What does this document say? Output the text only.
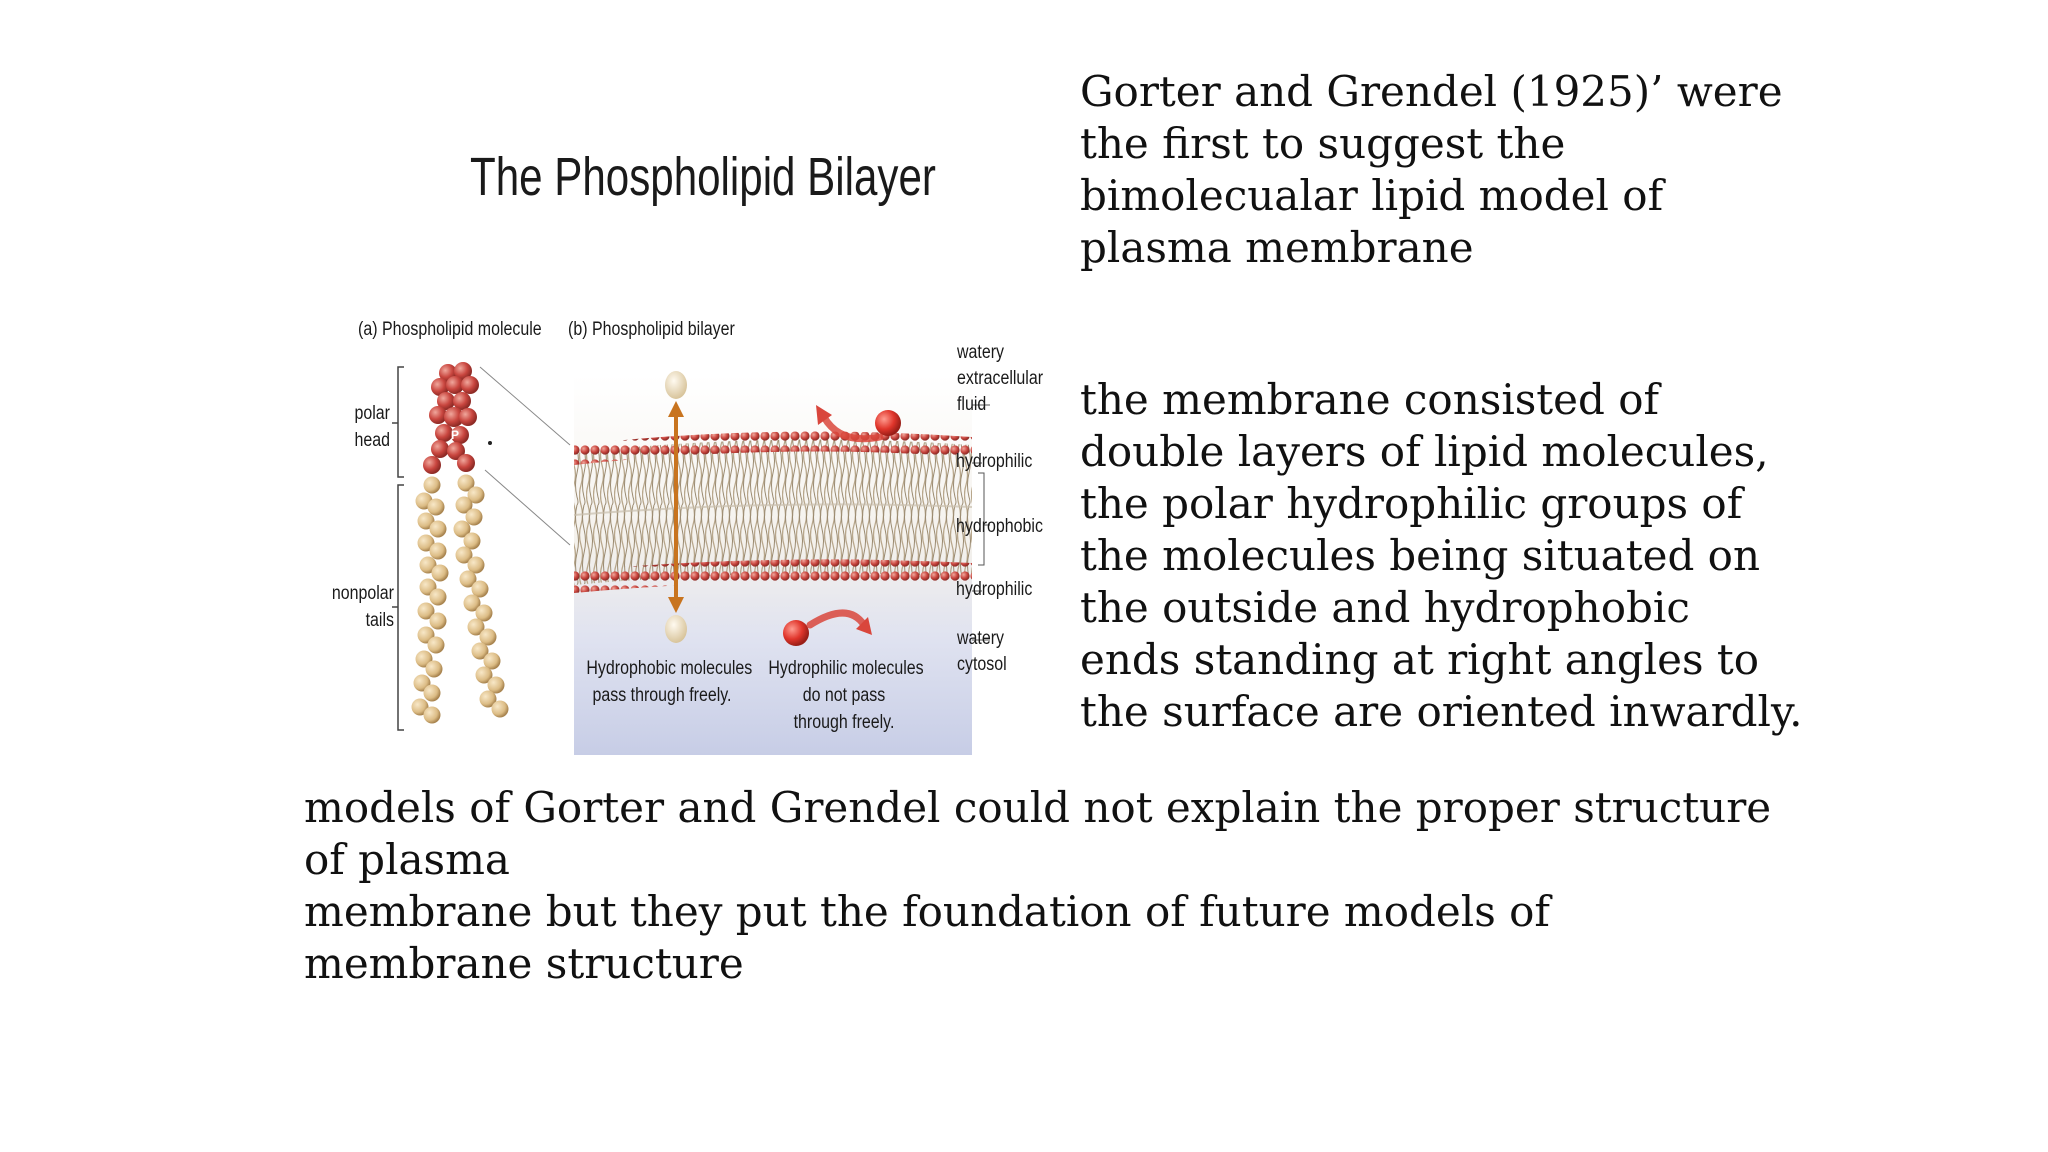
The Phospholipid Bilayer
(a) Phospholipid molecule (b) Phospholipid bilayer
polar
head
nonpolar
tails
P
watery
extracellular
fluid
hydrophilic
hydrophobic
hydrophilic
watery
cytosol
Hydrophobic molecules
pass through freely.
Hydrophilic molecules
do not pass
through freely.
Gorter and Grendel (1925)’ were
the first to suggest the
bimolecualar lipid model of
plasma membrane
the membrane consisted of
double layers of lipid molecules,
the polar hydrophilic groups of
the molecules being situated on
the outside and hydrophobic
ends standing at right angles to
the surface are oriented inwardly.
models of Gorter and Grendel could not explain the proper structure
of plasma
membrane but they put the foundation of future models of
membrane structure
